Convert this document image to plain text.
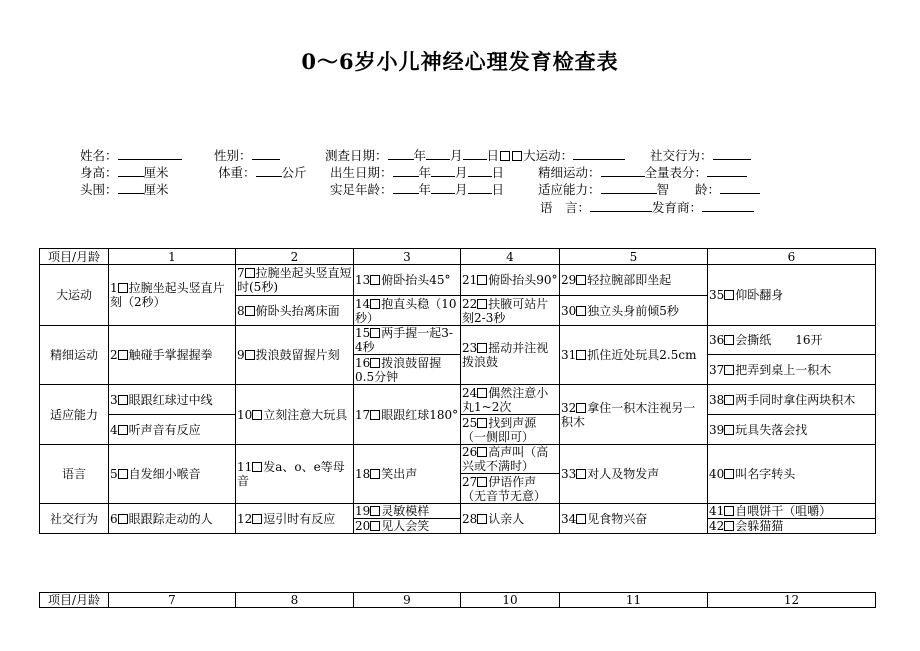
0～6岁小儿神经心理发育检查表
姓名：	性别：	测查日期： 年 月 日 大运动：	社交行为：
身高： 厘米	体重： 公斤 出生日期： 年 月 日	精细运动：	全量表分：
头围： 厘米	实足年龄： 年 月 日	适应能力：	智 龄：
语　言：	发育商：
项目/月龄	1	2	3	4	5	6
大运动	1 拉腕坐起头竖直片刻（2秒）	7 拉腕坐起头竖直短时(5秒)	13 俯卧抬头45°	21 俯卧抬头90°	29 轻拉腕部即坐起	35 仰卧翻身
		8 俯卧头抬离床面	14 抱直头稳（10秒）	22 扶腋可站片刻2-3秒	30 独立头身前倾5秒	
精细运动	2 触碰手掌握握拳	9 拨浪鼓留握片刻	15 两手握一起3-4秒	23 摇动并注视拨浪鼓	31 抓住近处玩具2.5cm	36 会撕纸　　16开
			16 拨浪鼓留握0.5分钟			37 把弄到桌上一积木
适应能力	3 眼跟红球过中线	10 立刻注意大玩具	17 眼跟红球180°	24 偶然注意小丸1~2次	32 拿住一积木注视另一积木	38 两手同时拿住两块积木
	4 听声音有反应			25 找到声源（一侧即可）		39 玩具失落会找
语言	5 自发细小喉音	11 发a、o、e等母音	18 笑出声	26 高声叫（高兴或不满时）	33 对人及物发声	40 叫名字转头
				27 伊语作声（无音节无意）		
社交行为	6 眼跟踪走动的人	12 逗引时有反应	19 灵敏模样	28 认亲人	34 见食物兴奋	41 自喂饼干（咀嚼）
			20 见人会笑			42 会躲猫猫
项目/月龄	7	8	9	10	11	12
